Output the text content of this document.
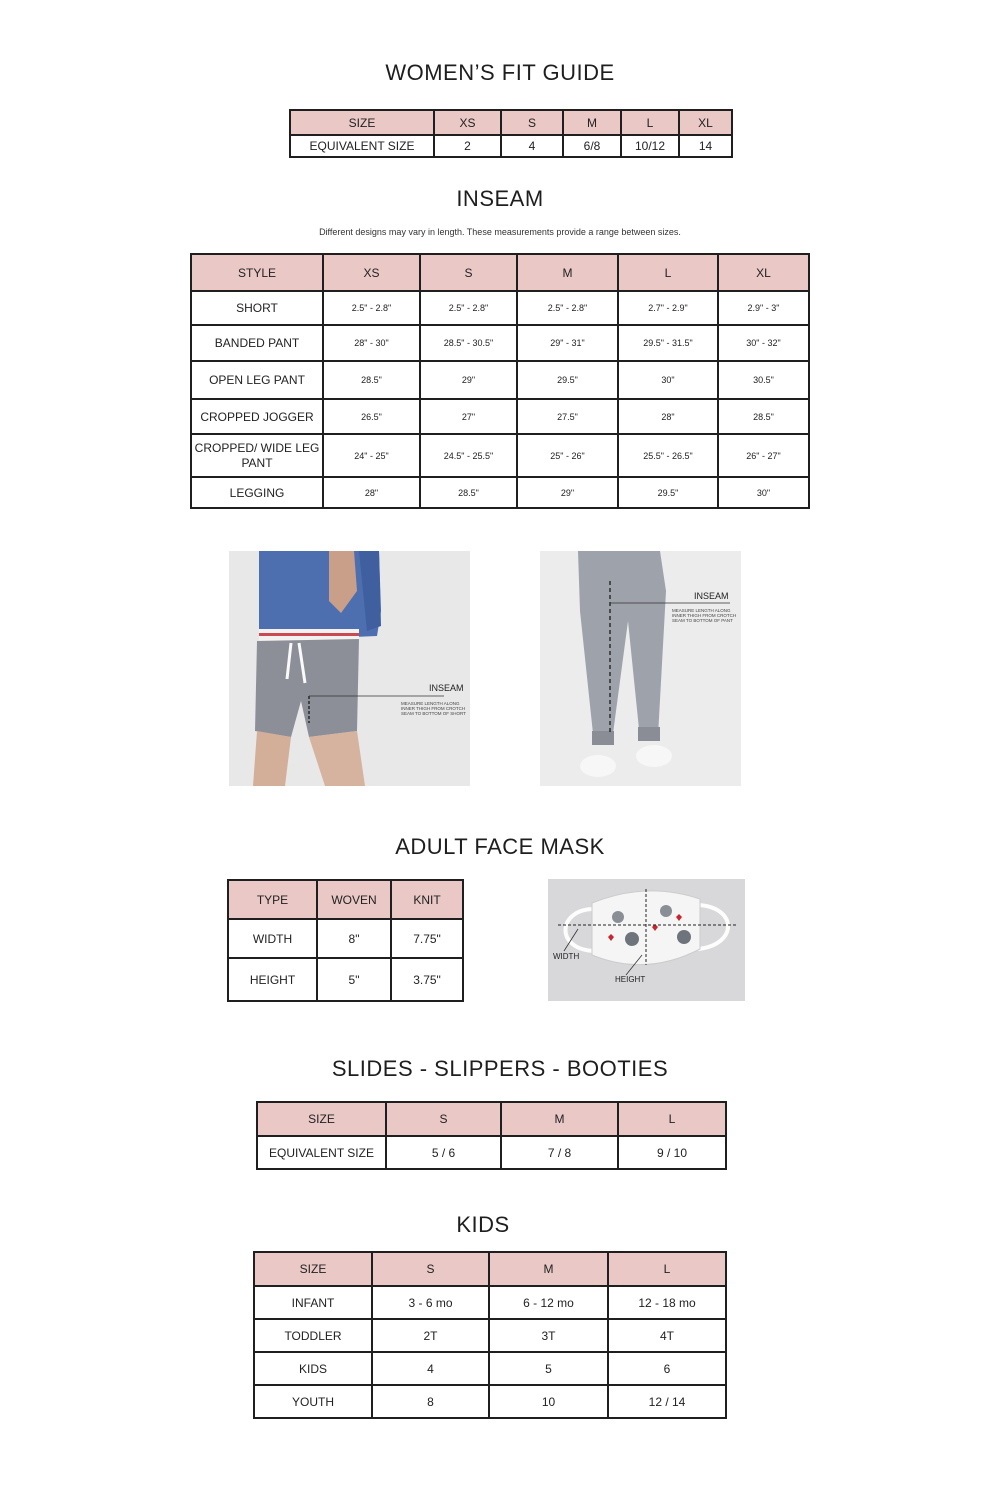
WOMEN’S FIT GUIDE
SIZE	XS	S	M	L	XL
EQUIVALENT SIZE	2	4	6/8	10/12	14
INSEAM
Different designs may vary in length. These measurements provide a range between sizes.
STYLE	XS	S	M	L	XL
SHORT	2.5" - 2.8"	2.5" - 2.8"	2.5" - 2.8"	2.7" - 2.9"	2.9" - 3"
BANDED PANT	28" - 30"	28.5" - 30.5"	29" - 31"	29.5" - 31.5"	30" - 32"
OPEN LEG PANT	28.5"	29"	29.5"	30"	30.5"
CROPPED JOGGER	26.5"	27"	27.5"	28"	28.5"
CROPPED/ WIDE LEG PANT	24" - 25"	24.5" - 25.5"	25" - 26"	25.5" - 26.5"	26" - 27"
LEGGING	28"	28.5"	29"	29.5"	30"
INSEAM
MEASURE LENGTH ALONG INNER THIGH FROM CROTCH SEAM TO BOTTOM OF SHORT
INSEAM
MEASURE LENGTH ALONG INNER THIGH FROM CROTCH SEAM TO BOTTOM OF PANT
ADULT FACE MASK
TYPE	WOVEN	KNIT
WIDTH	8"	7.75"
HEIGHT	5"	3.75"
WIDTH
HEIGHT
SLIDES - SLIPPERS - BOOTIES
SIZE	S	M	L
EQUIVALENT SIZE	5 / 6	7 / 8	9 / 10
KIDS
SIZE	S	M	L
INFANT	3 - 6 mo	6 - 12 mo	12 - 18 mo
TODDLER	2T	3T	4T
KIDS	4	5	6
YOUTH	8	10	12 / 14
